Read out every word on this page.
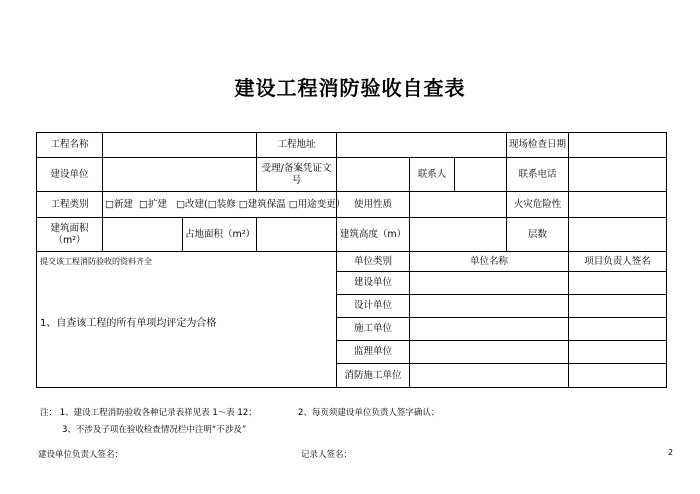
建设工程消防验收自查表
工程名称			工程地址				现场检查日期	
建设单位			受理/备案凭证文号		联系人		联系电话	
工程类别	□新建 □扩建 □改建(□装修 □建筑保温 □用途变更）			使用性质			火灾危险性	
建筑面积（m²）		占地面积（m²）		建筑高度（m）			层数	

提交该工程消防验收的资料齐全
1、自查该工程的所有单项均评定为合格				单位类别	单位名称			项目负责人签名
				建设单位				
				设计单位				
				施工单位				
				监理单位				
				消防施工单位				
注： 1、建设工程消防验收各种记录表祥见表 1～表 12；	2、每页须建设单位负责人签字确认；
3、不涉及子项在验收检查情况栏中注明“不涉及”
建设单位负责人签名：	记录人签名：	2
